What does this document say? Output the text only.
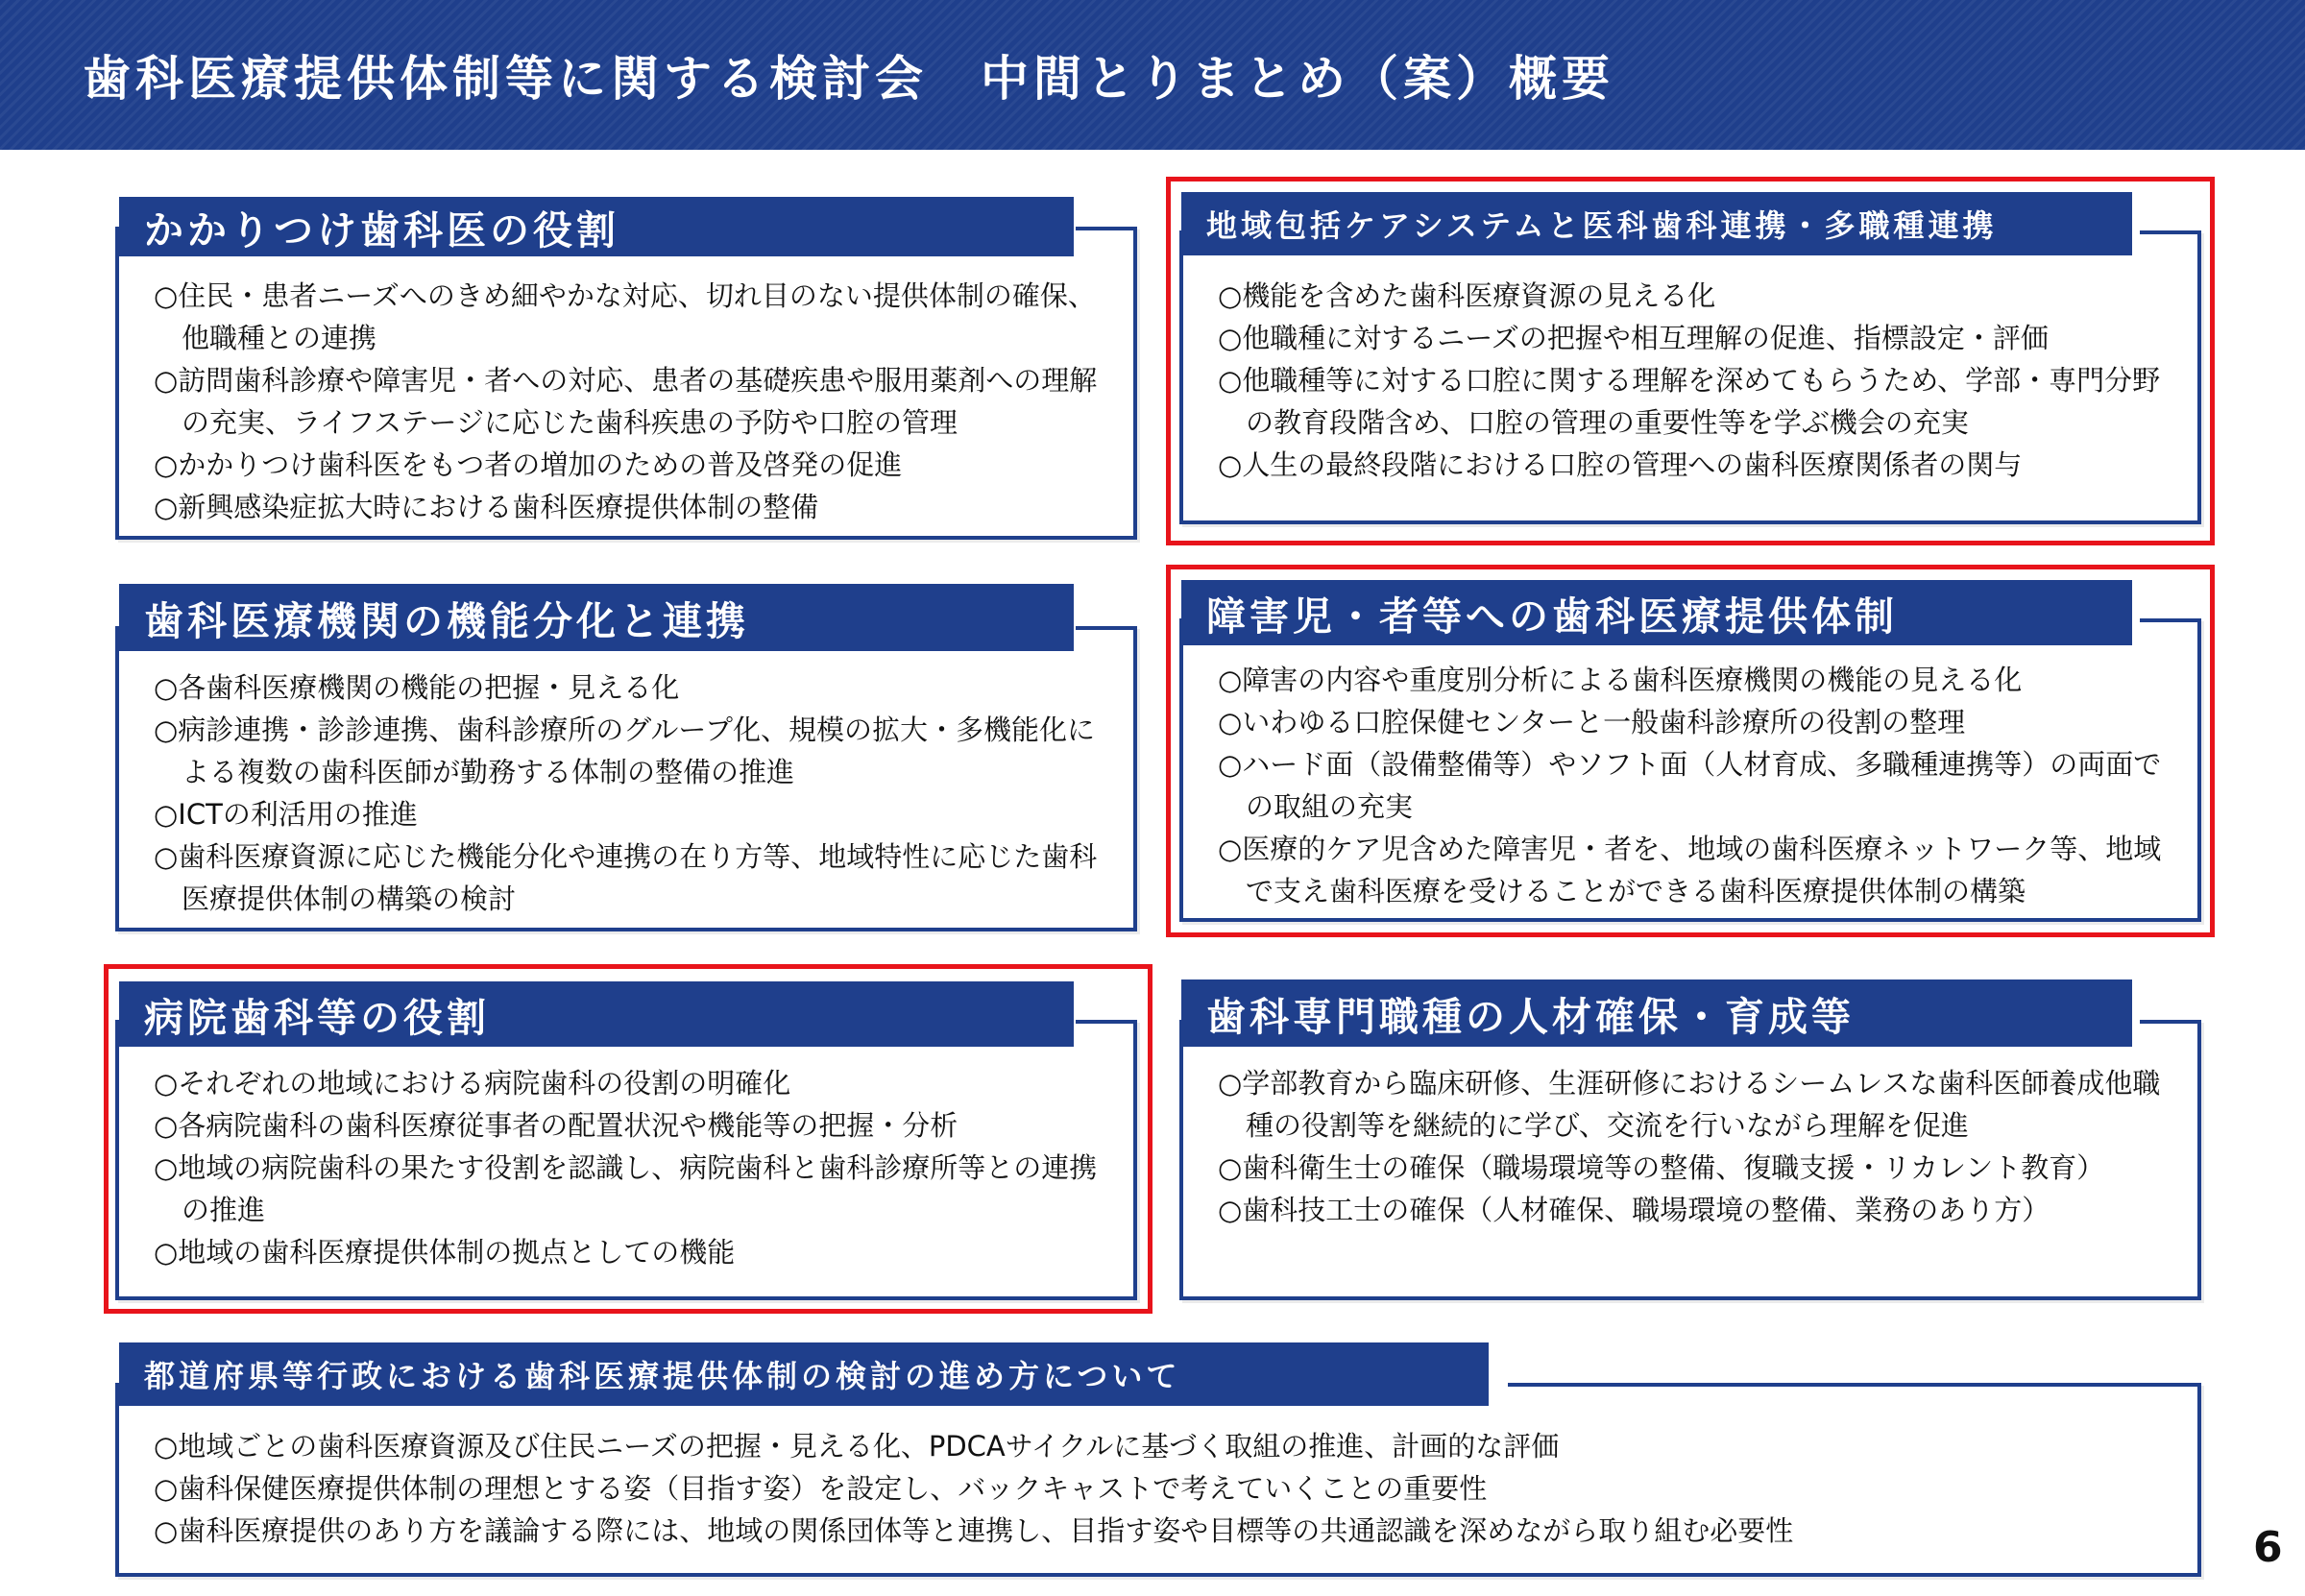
歯科医療提供体制等に関する検討会　中間とりまとめ（案）概要
かかりつけ歯科医の役割
○住民・患者ニーズへのきめ細やかな対応、切れ目のない提供体制の確保、他職種との連携
○訪問歯科診療や障害児・者への対応、患者の基礎疾患や服用薬剤への理解の充実、ライフステージに応じた歯科疾患の予防や口腔の管理
○かかりつけ歯科医をもつ者の増加のための普及啓発の促進
○新興感染症拡大時における歯科医療提供体制の整備
地域包括ケアシステムと医科歯科連携・多職種連携
○機能を含めた歯科医療資源の見える化
○他職種に対するニーズの把握や相互理解の促進、指標設定・評価
○他職種等に対する口腔に関する理解を深めてもらうため、学部・専門分野の教育段階含め、口腔の管理の重要性等を学ぶ機会の充実
○人生の最終段階における口腔の管理への歯科医療関係者の関与
歯科医療機関の機能分化と連携
○各歯科医療機関の機能の把握・見える化
○病診連携・診診連携、歯科診療所のグループ化、規模の拡大・多機能化による複数の歯科医師が勤務する体制の整備の推進
○ICTの利活用の推進
○歯科医療資源に応じた機能分化や連携の在り方等、地域特性に応じた歯科医療提供体制の構築の検討
障害児・者等への歯科医療提供体制
○障害の内容や重度別分析による歯科医療機関の機能の見える化
○いわゆる口腔保健センターと一般歯科診療所の役割の整理
○ハード面（設備整備等）やソフト面（人材育成、多職種連携等）の両面での取組の充実
○医療的ケア児含めた障害児・者を、地域の歯科医療ネットワーク等、地域で支え歯科医療を受けることができる歯科医療提供体制の構築
病院歯科等の役割
○それぞれの地域における病院歯科の役割の明確化
○各病院歯科の歯科医療従事者の配置状況や機能等の把握・分析
○地域の病院歯科の果たす役割を認識し、病院歯科と歯科診療所等との連携の推進
○地域の歯科医療提供体制の拠点としての機能
歯科専門職種の人材確保・育成等
○学部教育から臨床研修、生涯研修におけるシームレスな歯科医師養成他職種の役割等を継続的に学び、交流を行いながら理解を促進
○歯科衛生士の確保（職場環境等の整備、復職支援・リカレント教育）
○歯科技工士の確保（人材確保、職場環境の整備、業務のあり方）
都道府県等行政における歯科医療提供体制の検討の進め方について
○地域ごとの歯科医療資源及び住民ニーズの把握・見える化、PDCAサイクルに基づく取組の推進、計画的な評価
○歯科保健医療提供体制の理想とする姿（目指す姿）を設定し、バックキャストで考えていくことの重要性
○歯科医療提供のあり方を議論する際には、地域の関係団体等と連携し、目指す姿や目標等の共通認識を深めながら取り組む必要性	6
